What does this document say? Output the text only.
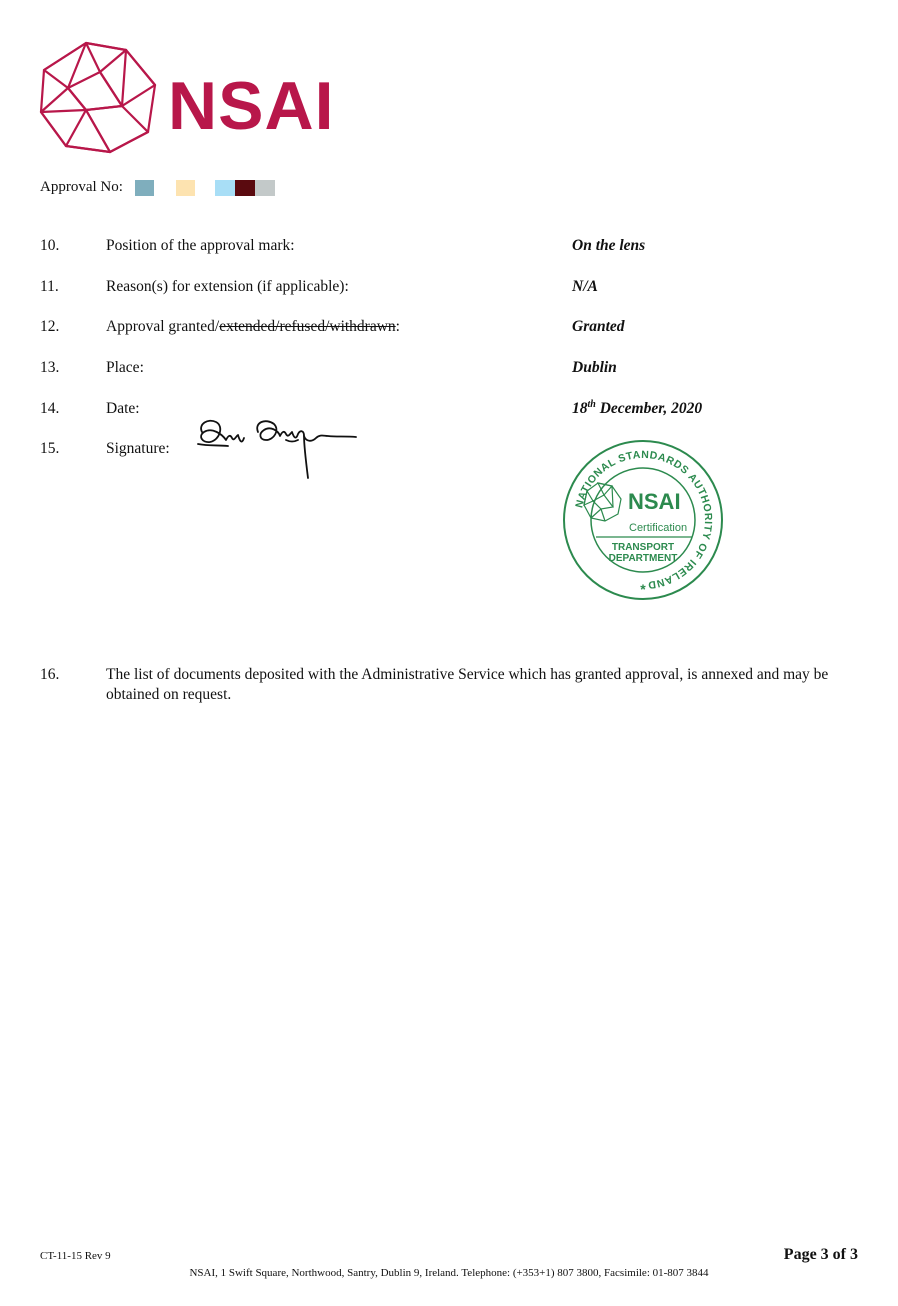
NSAI
Approval No:
10.	Position of the approval mark:	On the lens
11.	Reason(s) for extension (if applicable):	N/A
12.	Approval granted/extended/refused/withdrawn:	Granted
13.	Place:	Dublin
14.	Date:	18th December, 2020
15.	Signature:
NATIONAL STANDARDS AUTHORITY OF IRELAND
NSAI
Certification
TRANSPORT
DEPARTMENT
*
16.	The list of documents deposited with the Administrative Service which has granted approval, is annexed and may be obtained on request.
CT-11-15 Rev 9	Page 3 of 3
NSAI, 1 Swift Square, Northwood, Santry, Dublin 9, Ireland. Telephone: (+353+1) 807 3800, Facsimile: 01-807 3844
